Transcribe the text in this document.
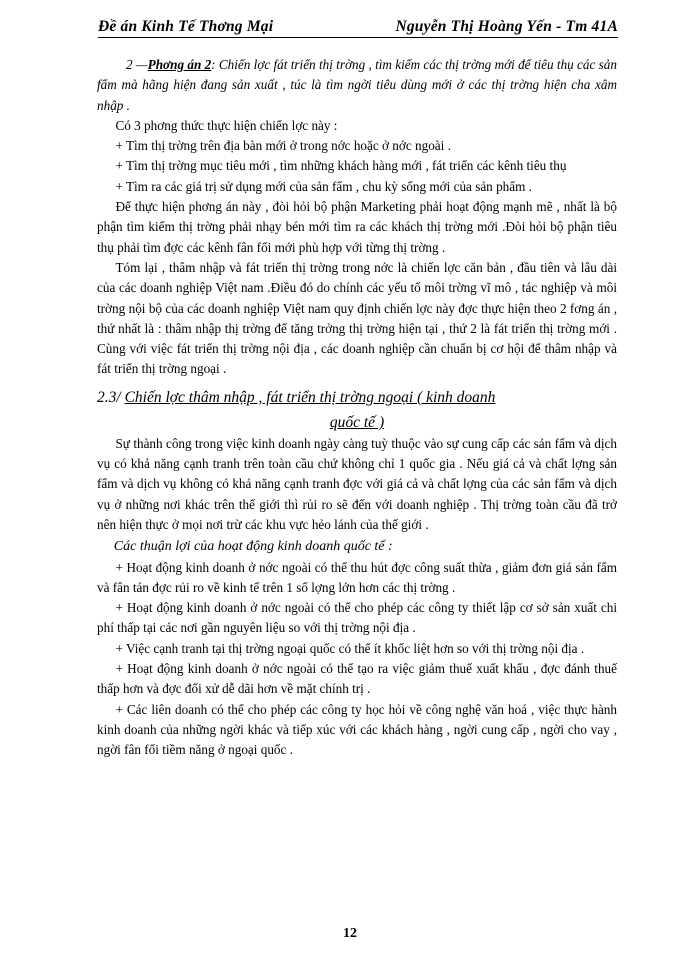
Đề án Kinh Tế Thơng Mại	Nguyễn Thị Hoàng Yến - Tm 41A

2 —Phơng án 2: Chiến lợc fát triển thị trờng , tìm kiếm các thị trờng mới để tiêu thụ các sản fẩm mà hãng hiện đang sản xuất , túc là tìm ngời tiêu dùng mới ở các thị trờng hiện cha xâm nhập .

Có 3 phơng thức thực hiện chiến lợc này :

+ Tìm thị trờng trên địa bàn mới ở trong nớc hoặc ở nớc ngoài .

+ Tìm thị trờng mục tiêu mới , tìm những khách hàng mới , fát triển các kênh tiêu thụ

+ Tìm ra các giá trị sử dụng mới của sản fẩm , chu kỳ sống mới của sản phẩm .

Để thực hiện phơng án này , đòi hỏi bộ phận Marketing phải hoạt động mạnh mẽ , nhất là bộ phận tìm kiếm thị trờng phải nhạy bén mới tìm ra các khách thị trờng mới .Đòi hỏi bộ phận tiêu thụ phải tìm đợc các kênh fân fối mới phù hợp với từng thị trờng .

Tóm lại , thâm nhập và fát triển thị trờng trong nớc là chiến lợc căn bản , đầu tiên và lâu dài của các doanh nghiệp Việt nam .Điều đó do chính các yếu tố môi trờng vĩ mô , tác nghiệp và môi trờng nội bộ của các doanh nghiệp Việt nam quy định chiến lợc này đợc thực hiện theo 2 fơng án , thứ nhất là : thâm nhập thị trờng để tăng trởng thị trờng hiện tại , thứ 2 là fát triển thị trờng mới . Cùng với việc fát triển thị trờng nội địa , các doanh nghiệp cần chuẩn bị cơ hội để thâm nhập và fát triển thị trờng ngoại .

2.3/ Chiến lợc thâm nhập , fát triển thị trờng ngoại ( kinh doanh
quốc tế )

Sự thành công trong việc kinh doanh ngày càng tuỳ thuộc vào sự cung cấp các sản fẩm và dịch vụ có khả năng cạnh tranh trên toàn cầu chứ không chỉ 1 quốc gia . Nếu giá cả và chất lợng sản fẩm và dịch vụ không có khả năng cạnh tranh đợc với giá cả và chất lợng của các sản fẩm và dịch vụ ở những nơi khác trên thế giới thì rủi ro sẽ đến với doanh nghiệp . Thị trờng toàn cầu đã trở nên hiện thực ở mọi nơi trừ các khu vực hẻo lánh của thế giới .

Các thuận lợi của hoạt động kinh doanh quốc tế :

+ Hoạt động kinh doanh ở nớc ngoài có thể thu hút đợc công suất thừa , giảm đơn giá sản fẩm và fân tán đợc rủi ro về kinh tế trên 1 số lợng lớn hơn các thị trờng .

+ Hoạt động kinh doanh ở nớc ngoài có thể cho phép các công ty thiết lập cơ sở sản xuất chi phí thấp tại các nơi gần nguyên liệu so với thị trờng nội địa .

+ Việc cạnh tranh tại thị trờng ngoại quốc có thể ít khốc liệt hơn so với thị trờng nội địa .

+ Hoạt động kinh doanh ở nớc ngoài có thể tạo ra việc giảm thuế xuất khẩu , đợc đánh thuế thấp hơn và đợc đối xử dễ dãi hơn về mặt chính trị .

+ Các liên doanh có thể cho phép các công ty học hỏi về công nghệ văn hoá , việc thực hành kinh doanh của những ngời khác và tiếp xúc với các khách hàng , ngời cung cấp , ngời cho vay , ngời fân fối tiềm năng ở ngoại quốc .

12
